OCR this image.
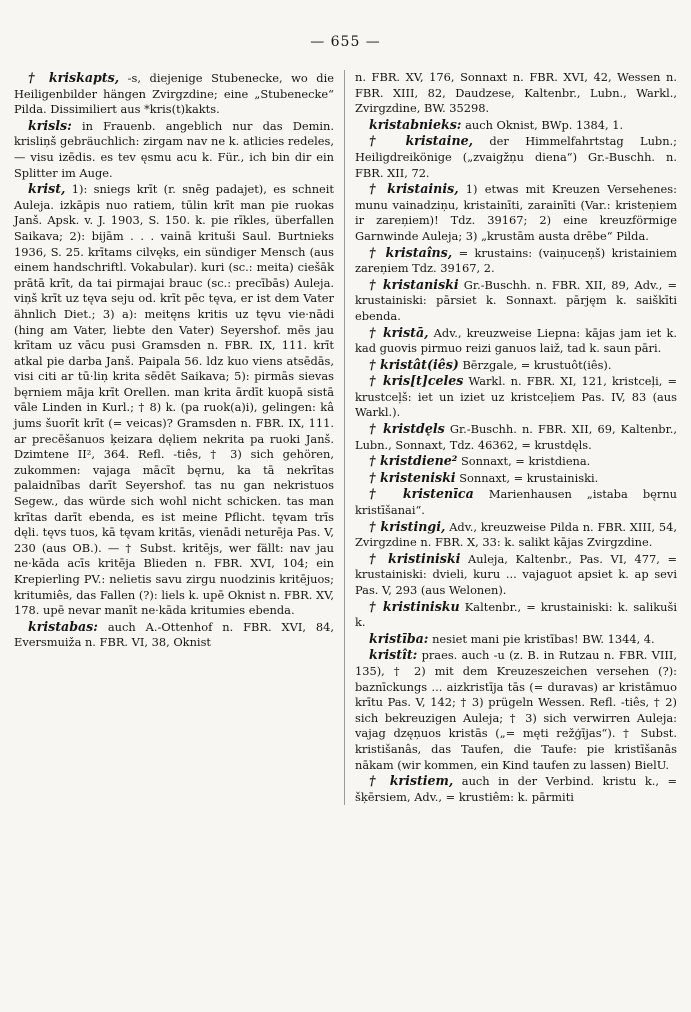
— 655 —

† kriskapts, -s, diejenige Stubenecke, wo die Heiligenbilder hängen Zvirgzdine; eine „Stubenecke“ Pilda. Dissimiliert aus *kris(t)kakts.

krisls: in Frauenb. angeblich nur das Demin. krisliņš gebräuchlich: zirgam nav ne k. atlicies redeles, — visu izēdis. es tev ęsmu acu k. Für., ich bin dir ein Splitter im Auge.

krist, 1): sniegs krīt (r. snēg padajet), es schneit Auleja. izkāpis nuo ratiem, tūlin krīt man pie ruokas Janš. Apsk. v. J. 1903, S. 150. k. pie rīkles, überfallen Saikava; 2): bijām . . . vainā krituši Saul. Burtnieks 1936, S. 25. krītams cilvęks, ein sündiger Mensch (aus einem handschriftl. Vokabular). kuri (sc.: meita) ciešāk prātā krīt, da tai pirmajai brauc (sc.: precībās) Auleja. viņš krīt uz tęva seju od. krīt pēc tęva, er ist dem Vater ähnlich Diet.; 3) a): meitęns kritis uz tęvu vie·nādi (hing am Vater, liebte den Vater) Seyershof. mēs jau krītam uz vācu pusi Gramsden n. FBR. IX, 111. krīt atkal pie darba Janš. Paipala 56. ldz kuo viens atsēdās, visi citi ar tū·liņ krita sēdēt Saikava; 5): pirmās sievas bęrniem māja krīt Orellen. man krita ārdīt kuopā sistā vāle Linden in Kurl.; † 8) k. (pa ruok(a)i), gelingen: kâ jums šuorīt krīt (= veicas)? Gramsden n. FBR. IX, 111. ar precēšanuos ķeizara dęliem nekrita pa ruoki Janš. Dzimtene II², 364. Refl. -tiês, † 3) sich gehören, zukommen: vajaga mācīt bęrnu, ka tā nekrītas palaidnības darīt Seyershof. tas nu gan nekristuos Segew., das würde sich wohl nicht schicken. tas man krītas darīt ebenda, es ist meine Pflicht. tęvam trīs dęli. tęvs tuos, kā tęvam kritās, vienādi neturēja Pas. V, 230 (aus OB.). — † Subst. kritējs, wer fällt: nav jau ne·kāda acīs kritēja Blieden n. FBR. XVI, 104; ein Krepierling PV.: nelietis savu zirgu nuodzinis kritējuos; kritumiês, das Fallen (?): liels k. upē Oknist n. FBR. XV, 178. upē nevar manīt ne·kāda kritumies ebenda.

kristabas: auch A.-Ottenhof n. FBR. XVI, 84, Eversmuiža n. FBR. VI, 38, Oknist

n. FBR. XV, 176, Sonnaxt n. FBR. XVI, 42, Wessen n. FBR. XIII, 82, Daudzese, Kaltenbr., Lubn., Warkl., Zvirgzdine, BW. 35298.

kristabnieks: auch Oknist, BWp. 1384, 1.

† kristaine, der Himmelfahrtstag Lubn.; Heiligdreikönige („zvaigžņu diena“) Gr.-Buschh. n. FBR. XII, 72.

† kristainis, 1) etwas mit Kreuzen Versehenes: munu vainadziņu, kristainīti, zarainīti (Var.: kristeņiem ir zareņiem)! Tdz. 39167; 2) eine kreuzförmige Garnwinde Auleja; 3) „krustām austa drēbe“ Pilda.

† kristaîns, = krustains: (vaiņuceņš) kristainiem zareņiem Tdz. 39167, 2.

† kristaniski Gr.-Buschh. n. FBR. XII, 89, Adv., = krustainiski: pārsiet k. Sonnaxt. pārjęm k. saiškīti ebenda.

† kristā, Adv., kreuzweise Liepna: kājas jam iet k. kad guovis pirmuo reizi ganuos laiž, tad k. saun pāri.

† kristât(iês) Bērzgale, = krustuôt(iês).

† kris[t]celes Warkl. n. FBR. XI, 121, kristceļi, = krustceļš: iet un iziet uz kristceļiem Pas. IV, 83 (aus Warkl.).

† kristdęls Gr.-Buschh. n. FBR. XII, 69, Kaltenbr., Lubn., Sonnaxt, Tdz. 46362, = krustdęls.

† kristdiene² Sonnaxt, = kristdiena.

† kristeniski Sonnaxt, = krustainiski.

† kristenīca Marienhausen „istaba bęrnu kristīšanai“.

† kristingi, Adv., kreuzweise Pilda n. FBR. XIII, 54, Zvirgzdine n. FBR. X, 33: k. salikt kājas Zvirgzdine.

† kristiniski Auleja, Kaltenbr., Pas. VI, 477, = krustainiski: dvieli, kuru ... vajaguot apsiet k. ap sevi Pas. V, 293 (aus Welonen).

† kristinisku Kaltenbr., = krustainiski: k. salikuši k.

kristība: nesiet mani pie kristības! BW. 1344, 4.

kristît: praes. auch -u (z. B. in Rutzau n. FBR. VIII, 135), † 2) mit dem Kreuzeszeichen versehen (?): baznīckungs ... aizkristīja tās (= duravas) ar kristāmuo krītu Pas. V, 142; † 3) prügeln Wessen. Refl. -tiês, † 2) sich bekreuzigen Auleja; † 3) sich verwirren Auleja: vajag dzęņuos kristās („= męti režģījas“). † Subst. kristišanâs, das Taufen, die Taufe: pie kristīšanās nākam (wir kommen, ein Kind taufen zu lassen) BielU.

† kristiem, auch in der Verbind. kristu k., = šķērsiem, Adv., = krustiêm: k. pārmiti
